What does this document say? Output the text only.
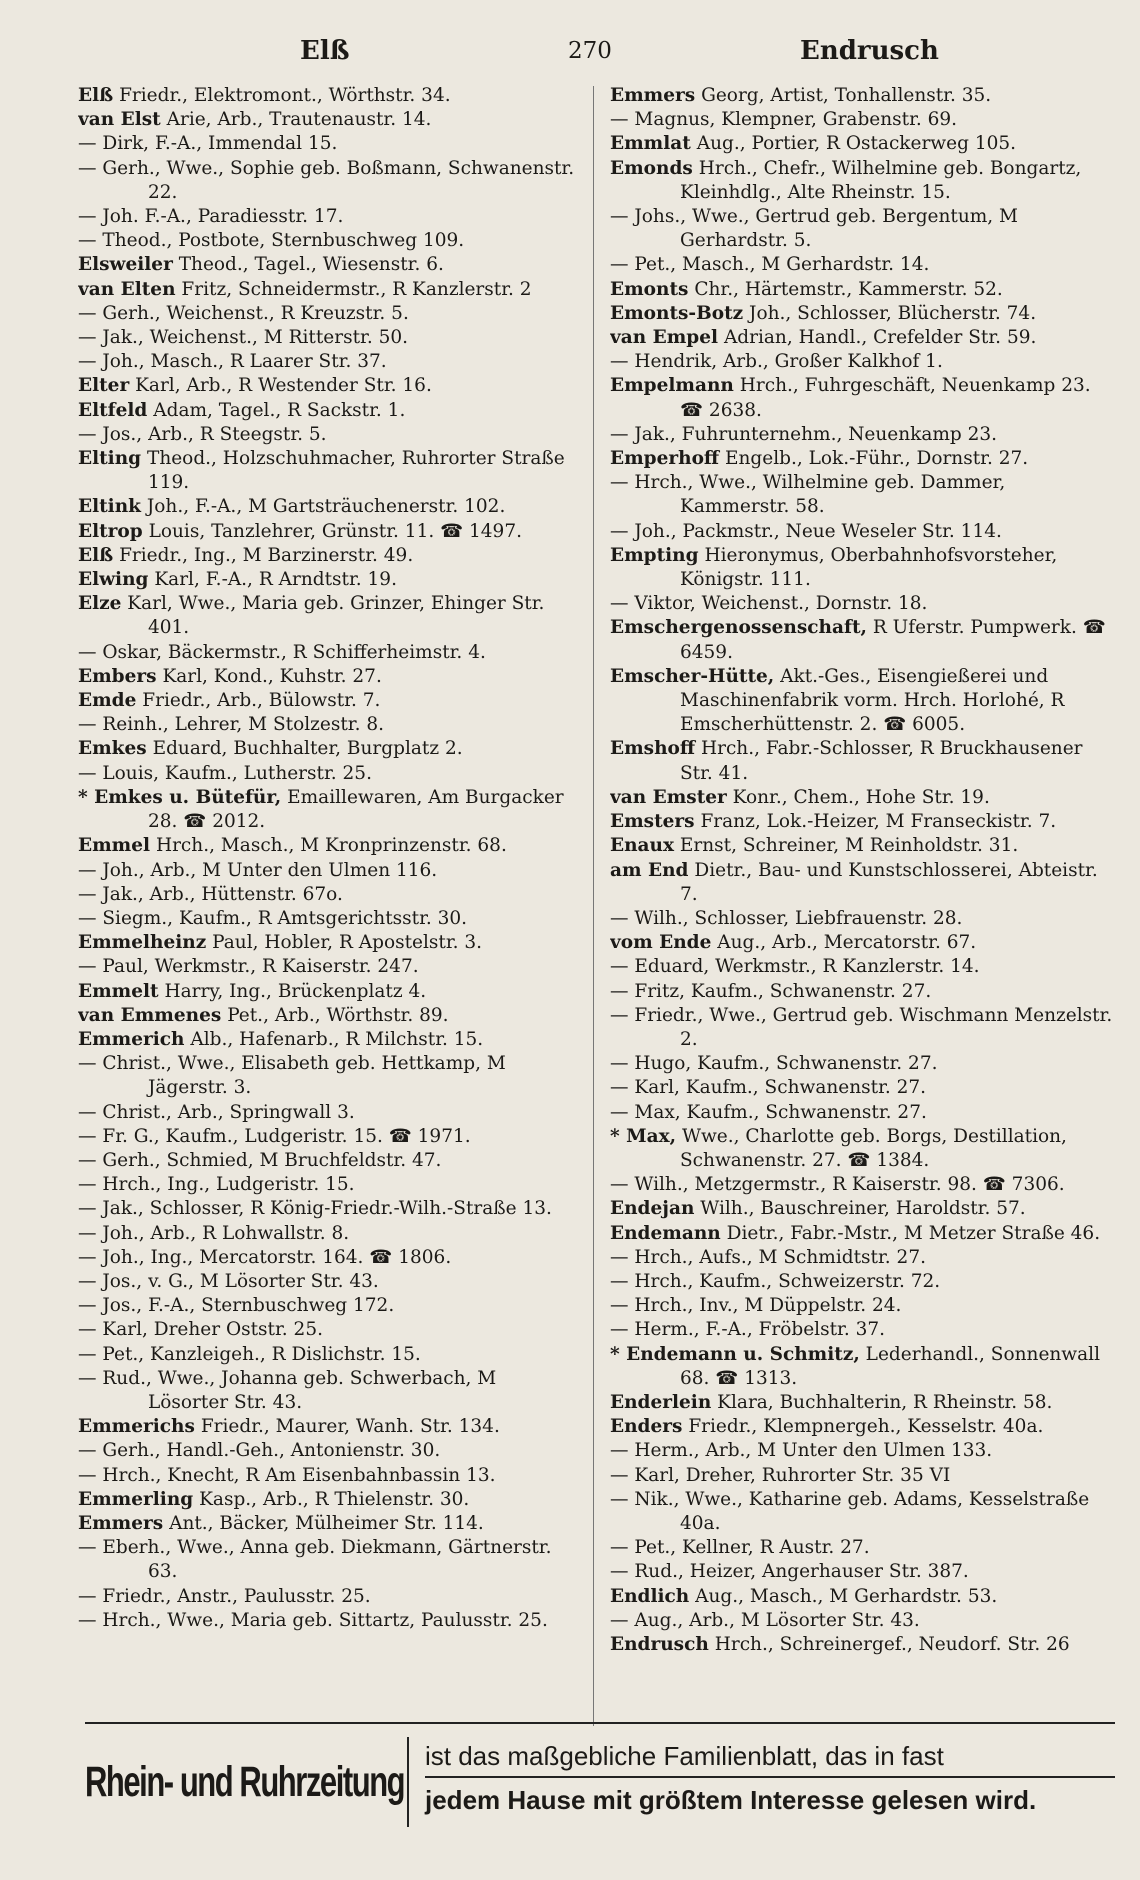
Elß	270	Endrusch

Elß Friedr., Elektromont., Wörthstr. 34.

van Elst Arie, Arb., Trautenaustr. 14.

— Dirk, F.-A., Immendal 15.

— Gerh., Wwe., Sophie geb. Boßmann, Schwanenstr. 22.

— Joh. F.-A., Paradiesstr. 17.

— Theod., Postbote, Sternbuschweg 109.

Elsweiler Theod., Tagel., Wiesenstr. 6.

van Elten Fritz, Schneidermstr., R Kanzlerstr. 2

— Gerh., Weichenst., R Kreuzstr. 5.

— Jak., Weichenst., M Ritterstr. 50.

— Joh., Masch., R Laarer Str. 37.

Elter Karl, Arb., R Westender Str. 16.

Eltfeld Adam, Tagel., R Sackstr. 1.

— Jos., Arb., R Steegstr. 5.

Elting Theod., Holzschuhmacher, Ruhrorter Straße 119.

Eltink Joh., F.-A., M Gartsträuchenerstr. 102.

Eltrop Louis, Tanzlehrer, Grünstr. 11. ☎ 1497.

Elß Friedr., Ing., M Barzinerstr. 49.

Elwing Karl, F.-A., R Arndtstr. 19.

Elze Karl, Wwe., Maria geb. Grinzer, Ehinger Str. 401.

— Oskar, Bäckermstr., R Schifferheimstr. 4.

Embers Karl, Kond., Kuhstr. 27.

Emde Friedr., Arb., Bülowstr. 7.

— Reinh., Lehrer, M Stolzestr. 8.

Emkes Eduard, Buchhalter, Burgplatz 2.

— Louis, Kaufm., Lutherstr. 25.

* Emkes u. Bütefür, Emaillewaren, Am Burgacker 28. ☎ 2012.

Emmel Hrch., Masch., M Kronprinzenstr. 68.

— Joh., Arb., M Unter den Ulmen 116.

— Jak., Arb., Hüttenstr. 67o.

— Siegm., Kaufm., R Amtsgerichtsstr. 30.

Emmelheinz Paul, Hobler, R Apostelstr. 3.

— Paul, Werkmstr., R Kaiserstr. 247.

Emmelt Harry, Ing., Brückenplatz 4.

van Emmenes Pet., Arb., Wörthstr. 89.

Emmerich Alb., Hafenarb., R Milchstr. 15.

— Christ., Wwe., Elisabeth geb. Hettkamp, M Jägerstr. 3.

— Christ., Arb., Springwall 3.

— Fr. G., Kaufm., Ludgeristr. 15. ☎ 1971.

— Gerh., Schmied, M Bruchfeldstr. 47.

— Hrch., Ing., Ludgeristr. 15.

— Jak., Schlosser, R König-Friedr.-Wilh.-Straße 13.

— Joh., Arb., R Lohwallstr. 8.

— Joh., Ing., Mercatorstr. 164. ☎ 1806.

— Jos., v. G., M Lösorter Str. 43.

— Jos., F.-A., Sternbuschweg 172.

— Karl, Dreher Oststr. 25.

— Pet., Kanzleigeh., R Dislichstr. 15.

— Rud., Wwe., Johanna geb. Schwerbach, M Lösorter Str. 43.

Emmerichs Friedr., Maurer, Wanh. Str. 134.

— Gerh., Handl.-Geh., Antonienstr. 30.

— Hrch., Knecht, R Am Eisenbahnbassin 13.

Emmerling Kasp., Arb., R Thielenstr. 30.

Emmers Ant., Bäcker, Mülheimer Str. 114.

— Eberh., Wwe., Anna geb. Diekmann, Gärtnerstr. 63.

— Friedr., Anstr., Paulusstr. 25.

— Hrch., Wwe., Maria geb. Sittartz, Paulusstr. 25.

Emmers Georg, Artist, Tonhallenstr. 35.

— Magnus, Klempner, Grabenstr. 69.

Emmlat Aug., Portier, R Ostackerweg 105.

Emonds Hrch., Chefr., Wilhelmine geb. Bongartz, Kleinhdlg., Alte Rheinstr. 15.

— Johs., Wwe., Gertrud geb. Bergentum, M Gerhardstr. 5.

— Pet., Masch., M Gerhardstr. 14.

Emonts Chr., Härtemstr., Kammerstr. 52.

Emonts-Botz Joh., Schlosser, Blücherstr. 74.

van Empel Adrian, Handl., Crefelder Str. 59.

— Hendrik, Arb., Großer Kalkhof 1.

Empelmann Hrch., Fuhrgeschäft, Neuenkamp 23. ☎ 2638.

— Jak., Fuhrunternehm., Neuenkamp 23.

Emperhoff Engelb., Lok.-Führ., Dornstr. 27.

— Hrch., Wwe., Wilhelmine geb. Dammer, Kammerstr. 58.

— Joh., Packmstr., Neue Weseler Str. 114.

Empting Hieronymus, Oberbahnhofsvorsteher, Königstr. 111.

— Viktor, Weichenst., Dornstr. 18.

Emschergenossenschaft, R Uferstr. Pumpwerk. ☎ 6459.

Emscher-Hütte, Akt.-Ges., Eisengießerei und Maschinenfabrik vorm. Hrch. Horlohé, R Emscherhüttenstr. 2. ☎ 6005.

Emshoff Hrch., Fabr.-Schlosser, R Bruckhausener Str. 41.

van Emster Konr., Chem., Hohe Str. 19.

Emsters Franz, Lok.-Heizer, M Franseckistr. 7.

Enaux Ernst, Schreiner, M Reinholdstr. 31.

am End Dietr., Bau- und Kunstschlosserei, Abteistr. 7.

— Wilh., Schlosser, Liebfrauenstr. 28.

vom Ende Aug., Arb., Mercatorstr. 67.

— Eduard, Werkmstr., R Kanzlerstr. 14.

— Fritz, Kaufm., Schwanenstr. 27.

— Friedr., Wwe., Gertrud geb. Wischmann Menzelstr. 2.

— Hugo, Kaufm., Schwanenstr. 27.

— Karl, Kaufm., Schwanenstr. 27.

— Max, Kaufm., Schwanenstr. 27.

* Max, Wwe., Charlotte geb. Borgs, Destillation, Schwanenstr. 27. ☎ 1384.

— Wilh., Metzgermstr., R Kaiserstr. 98. ☎ 7306.

Endejan Wilh., Bauschreiner, Haroldstr. 57.

Endemann Dietr., Fabr.-Mstr., M Metzer Straße 46.

— Hrch., Aufs., M Schmidtstr. 27.

— Hrch., Kaufm., Schweizerstr. 72.

— Hrch., Inv., M Düppelstr. 24.

— Herm., F.-A., Fröbelstr. 37.

* Endemann u. Schmitz, Lederhandl., Sonnenwall 68. ☎ 1313.

Enderlein Klara, Buchhalterin, R Rheinstr. 58.

Enders Friedr., Klempnergeh., Kesselstr. 40a.

— Herm., Arb., M Unter den Ulmen 133.

— Karl, Dreher, Ruhrorter Str. 35 VI

— Nik., Wwe., Katharine geb. Adams, Kesselstraße 40a.

— Pet., Kellner, R Austr. 27.

— Rud., Heizer, Angerhauser Str. 387.

Endlich Aug., Masch., M Gerhardstr. 53.

— Aug., Arb., M Lösorter Str. 43.

Endrusch Hrch., Schreinergef., Neudorf. Str. 26

Rhein- und Ruhrzeitung
ist das maßgebliche Familienblatt, das in fast
jedem Hause mit größtem Interesse gelesen wird.
